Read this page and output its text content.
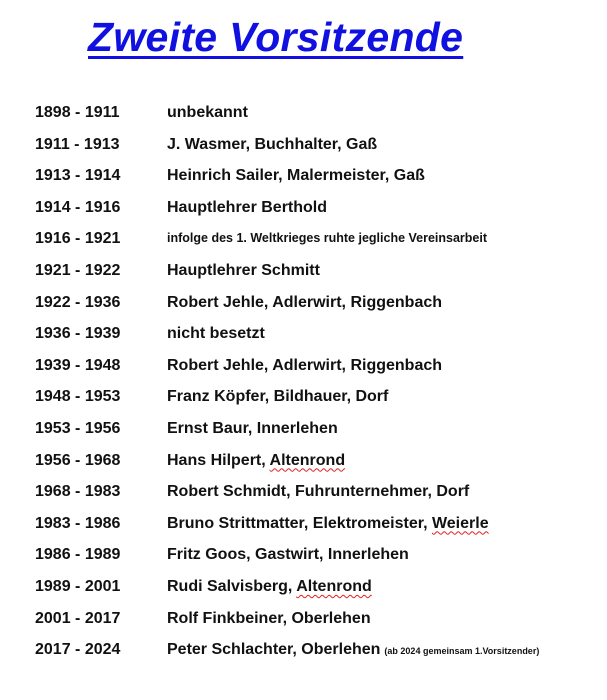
Zweite Vorsitzende
1898 - 1911	unbekannt
1911 - 1913	J. Wasmer, Buchhalter, Gaß
1913 - 1914	Heinrich Sailer, Malermeister, Gaß
1914 - 1916	Hauptlehrer Berthold
1916 - 1921	infolge des 1. Weltkrieges ruhte jegliche Vereinsarbeit
1921 - 1922	Hauptlehrer Schmitt
1922 - 1936	Robert Jehle, Adlerwirt, Riggenbach
1936 - 1939	nicht besetzt
1939 - 1948	Robert Jehle, Adlerwirt, Riggenbach
1948 - 1953	Franz Köpfer, Bildhauer, Dorf
1953 - 1956	Ernst Baur, Innerlehen
1956 - 1968	Hans Hilpert, Altenrond
1968 - 1983	Robert Schmidt, Fuhrunternehmer, Dorf
1983 - 1986	Bruno Strittmatter, Elektromeister, Weierle
1986 - 1989	Fritz Goos, Gastwirt, Innerlehen
1989 - 2001	Rudi Salvisberg, Altenrond
2001 - 2017	Rolf Finkbeiner, Oberlehen
2017 - 2024	Peter Schlachter, Oberlehen (ab 2024 gemeinsam 1.Vorsitzender)
